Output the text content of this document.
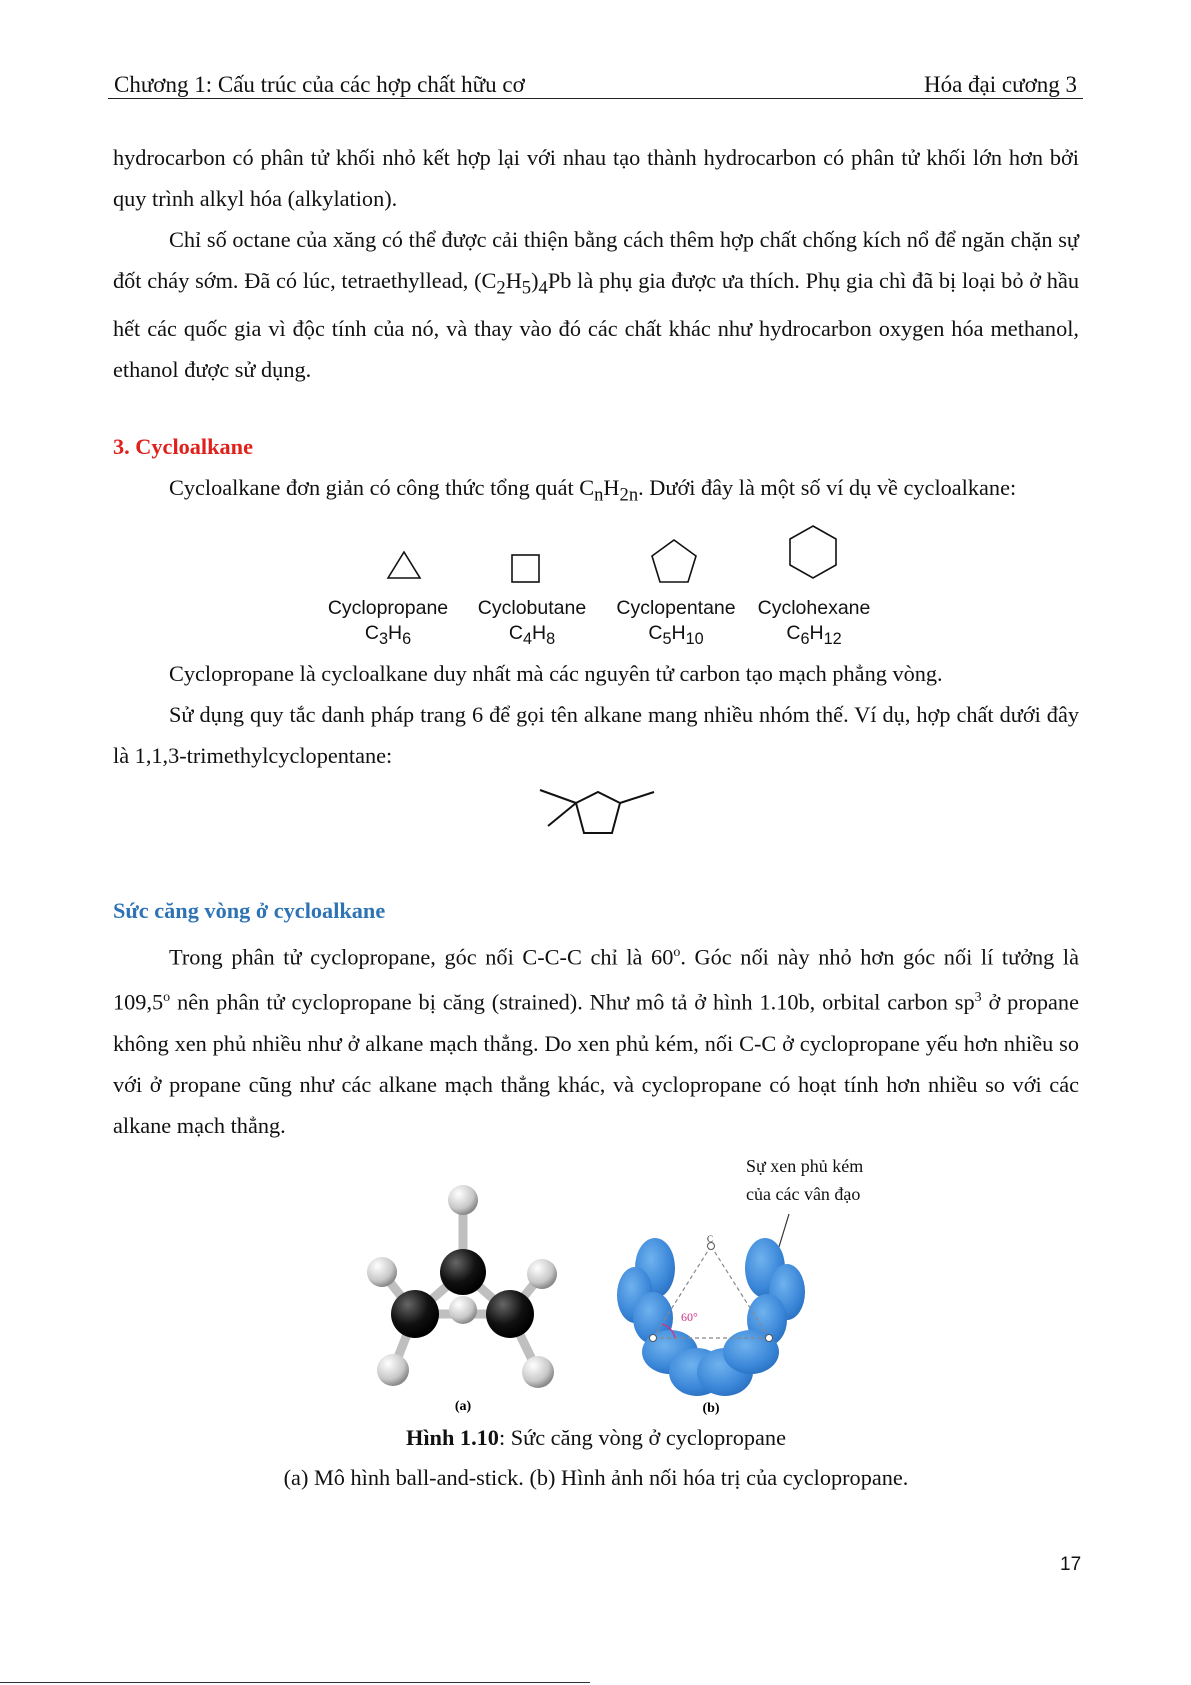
Chương 1: Cấu trúc của các hợp chất hữu cơ	Hóa đại cương 3

hydrocarbon có phân tử khối nhỏ kết hợp lại với nhau tạo thành hydrocarbon có phân tử khối lớn hơn bởi quy trình alkyl hóa (alkylation).

Chỉ số octane của xăng có thể được cải thiện bằng cách thêm hợp chất chống kích nổ để ngăn chặn sự đốt cháy sớm. Đã có lúc, tetraethyllead, $(C_2H_5)_4Pb$ là phụ gia được ưa thích. Phụ gia chì đã bị loại bỏ ở hầu hết các quốc gia vì độc tính của nó, và thay vào đó các chất khác như hydrocarbon oxygen hóa methanol, ethanol được sử dụng.

3. Cycloalkane
Cycloalkane đơn giản có công thức tổng quát $C_nH_{2n}$. Dưới đây là một số ví dụ về cycloalkane:
Cyclopropane
$C_3H_6$
Cyclobutane
$C_4H_8$
Cyclopentane
$C_5H_{10}$
Cyclohexane
$C_6H_{12}$
Cyclopropane là cycloalkane duy nhất mà các nguyên tử carbon tạo mạch phẳng vòng.
Sử dụng quy tắc danh pháp trang 6 để gọi tên alkane mang nhiều nhóm thế. Ví dụ, hợp chất dưới đây là 1,1,3-trimethylcyclopentane:
Sức căng vòng ở cycloalkane
Trong phân tử cyclopropane, góc nối C-C-C chỉ là 60$^o$. Góc nối này nhỏ hơn góc nối lí tưởng là 109,5$^o$ nên phân tử cyclopropane bị căng (strained). Như mô tả ở hình 1.10b, orbital carbon $sp^3$ ở propane không xen phủ nhiều như ở alkane mạch thẳng. Do xen phủ kém, nối C-C ở cyclopropane yếu hơn nhiều so với ở propane cũng như các alkane mạch thẳng khác, và cyclopropane có hoạt tính hơn nhiều so với các alkane mạch thẳng.
Sự xen phủ kém
của các vân đạo
(a)
60°
C
(b)
Hình 1.10: Sức căng vòng ở cyclopropane
(a) Mô hình ball-and-stick. (b) Hình ảnh nối hóa trị của cyclopropane.
17
